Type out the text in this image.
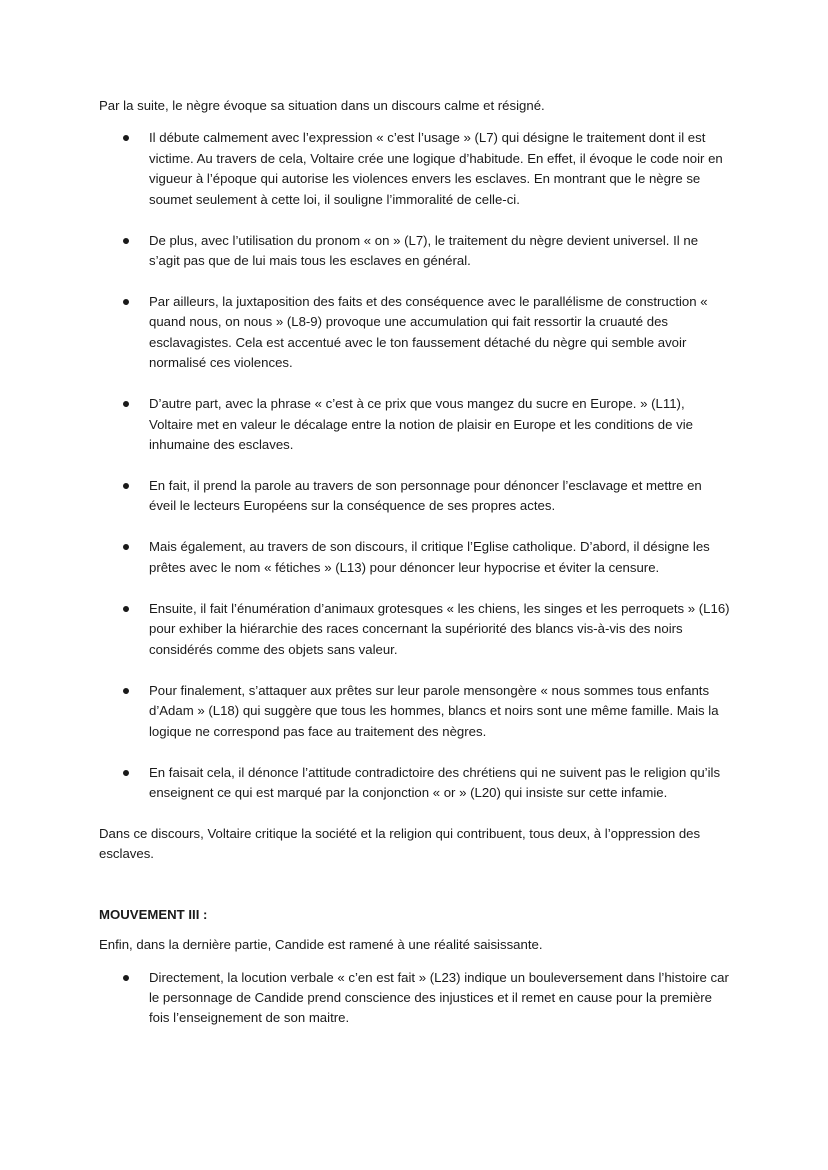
Par la suite, le nègre évoque sa situation dans un discours calme et résigné.

Il débute calmement avec l’expression « c’est l’usage » (L7) qui désigne le traitement dont il est victime. Au travers de cela, Voltaire crée une logique d’habitude. En effet, il évoque le code noir en vigueur à l’époque qui autorise les violences envers les esclaves. En montrant que le nègre se soumet seulement à cette loi, il souligne l’immoralité de celle-ci.
De plus, avec l’utilisation du pronom « on » (L7), le traitement du nègre devient universel. Il ne s’agit pas que de lui mais tous les esclaves en général.
Par ailleurs, la juxtaposition des faits et des conséquence avec le parallélisme de construction « quand nous, on nous » (L8-9) provoque une accumulation qui fait ressortir la cruauté des esclavagistes. Cela est accentué avec le ton faussement détaché du nègre qui semble avoir normalisé ces violences.
D’autre part, avec la phrase « c’est à ce prix que vous mangez du sucre en Europe. » (L11), Voltaire met en valeur le décalage entre la notion de plaisir en Europe et les conditions de vie inhumaine des esclaves.
En fait, il prend la parole au travers de son personnage pour dénoncer l’esclavage et mettre en éveil le lecteurs Européens sur la conséquence de ses propres actes.
Mais également, au travers de son discours, il critique l’Eglise catholique. D’abord, il désigne les prêtes avec le nom « fétiches » (L13) pour dénoncer leur hypocrise et éviter la censure.
Ensuite, il fait l’énumération d’animaux grotesques « les chiens, les singes et les perroquets » (L16) pour exhiber la hiérarchie des races concernant la supériorité des blancs vis-à-vis des noirs considérés comme des objets sans valeur.
Pour finalement, s’attaquer aux prêtes sur leur parole mensongère « nous sommes tous enfants d’Adam » (L18) qui suggère que tous les hommes, blancs et noirs sont une même famille. Mais la logique ne correspond pas face au traitement des nègres.
En faisait cela, il dénonce l’attitude contradictoire des chrétiens qui ne suivent pas le religion qu’ils enseignent ce qui est marqué par la conjonction « or » (L20) qui insiste sur cette infamie.

Dans ce discours, Voltaire critique la société et la religion qui contribuent, tous deux, à l’oppression des esclaves.

MOUVEMENT III :

Enfin, dans la dernière partie, Candide est ramené à une réalité saisissante.

Directement, la locution verbale « c’en est fait » (L23) indique un bouleversement dans l’histoire car le personnage de Candide prend conscience des injustices et il remet en cause pour la première fois l’enseignement de son maitre.
